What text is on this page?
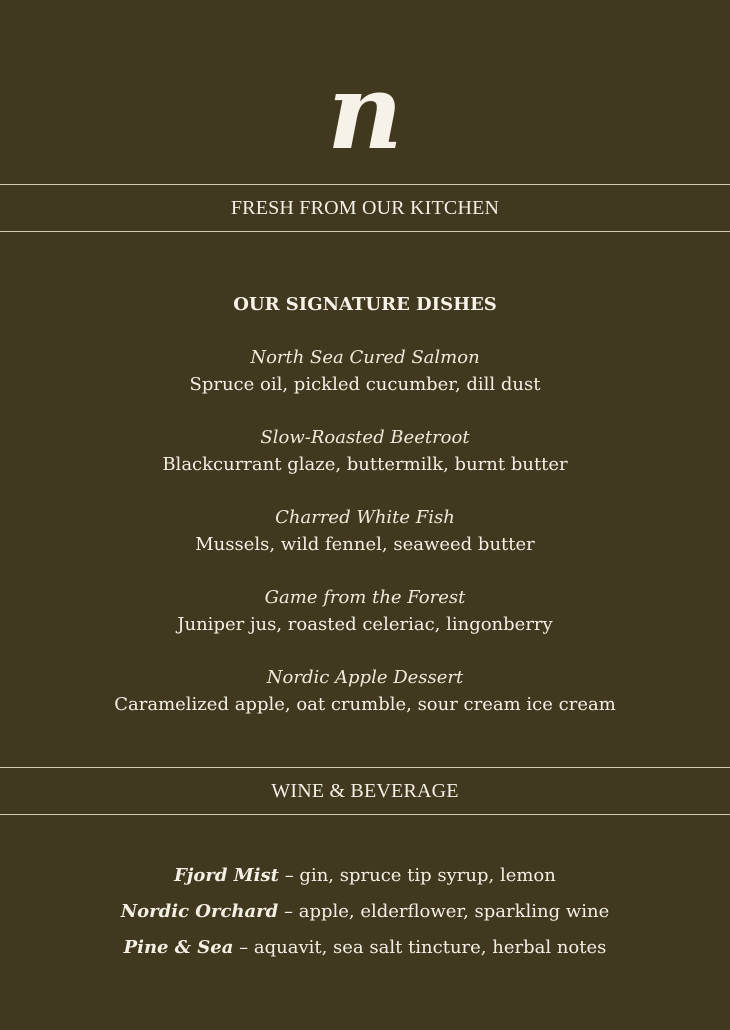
n
FRESH FROM OUR KITCHEN
OUR SIGNATURE DISHES
North Sea Cured Salmon
Spruce oil, pickled cucumber, dill dust
Slow-Roasted Beetroot
Blackcurrant glaze, buttermilk, burnt butter
Charred White Fish
Mussels, wild fennel, seaweed butter
Game from the Forest
Juniper jus, roasted celeriac, lingonberry
Nordic Apple Dessert
Caramelized apple, oat crumble, sour cream ice cream
WINE & BEVERAGE
Fjord Mist – gin, spruce tip syrup, lemon
Nordic Orchard – apple, elderflower, sparkling wine
Pine & Sea – aquavit, sea salt tincture, herbal notes
